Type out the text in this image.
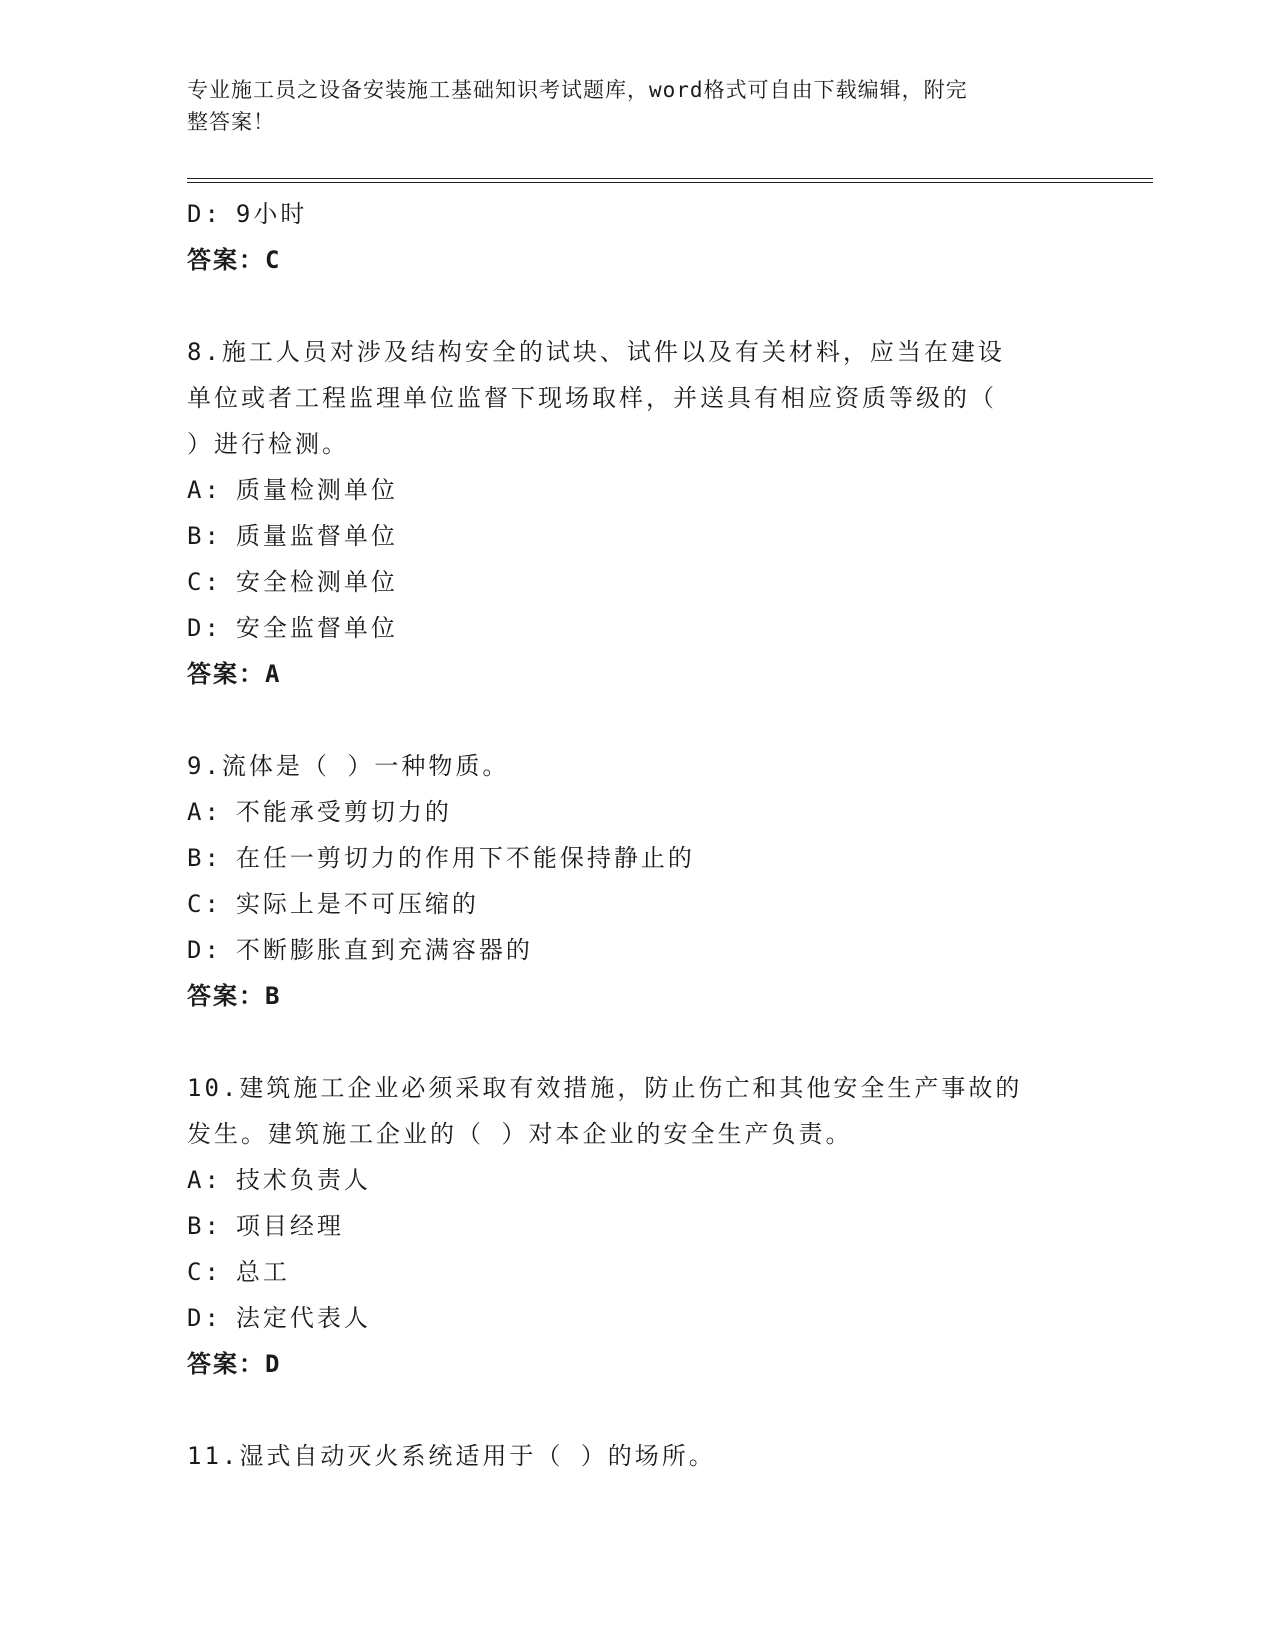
专业施工员之设备安装施工基础知识考试题库，word格式可自由下载编辑，附完
整答案！
D: 9小时
答案：C
8.施工人员对涉及结构安全的试块、试件以及有关材料，应当在建设
单位或者工程监理单位监督下现场取样，并送具有相应资质等级的（
）进行检测。
A: 质量检测单位
B: 质量监督单位
C: 安全检测单位
D: 安全监督单位
答案：A
9.流体是（ ）一种物质。
A: 不能承受剪切力的
B: 在任一剪切力的作用下不能保持静止的
C: 实际上是不可压缩的
D: 不断膨胀直到充满容器的
答案：B
10.建筑施工企业必须采取有效措施，防止伤亡和其他安全生产事故的
发生。建筑施工企业的（ ）对本企业的安全生产负责。
A: 技术负责人
B: 项目经理
C: 总工
D: 法定代表人
答案：D
11.湿式自动灭火系统适用于（ ）的场所。
